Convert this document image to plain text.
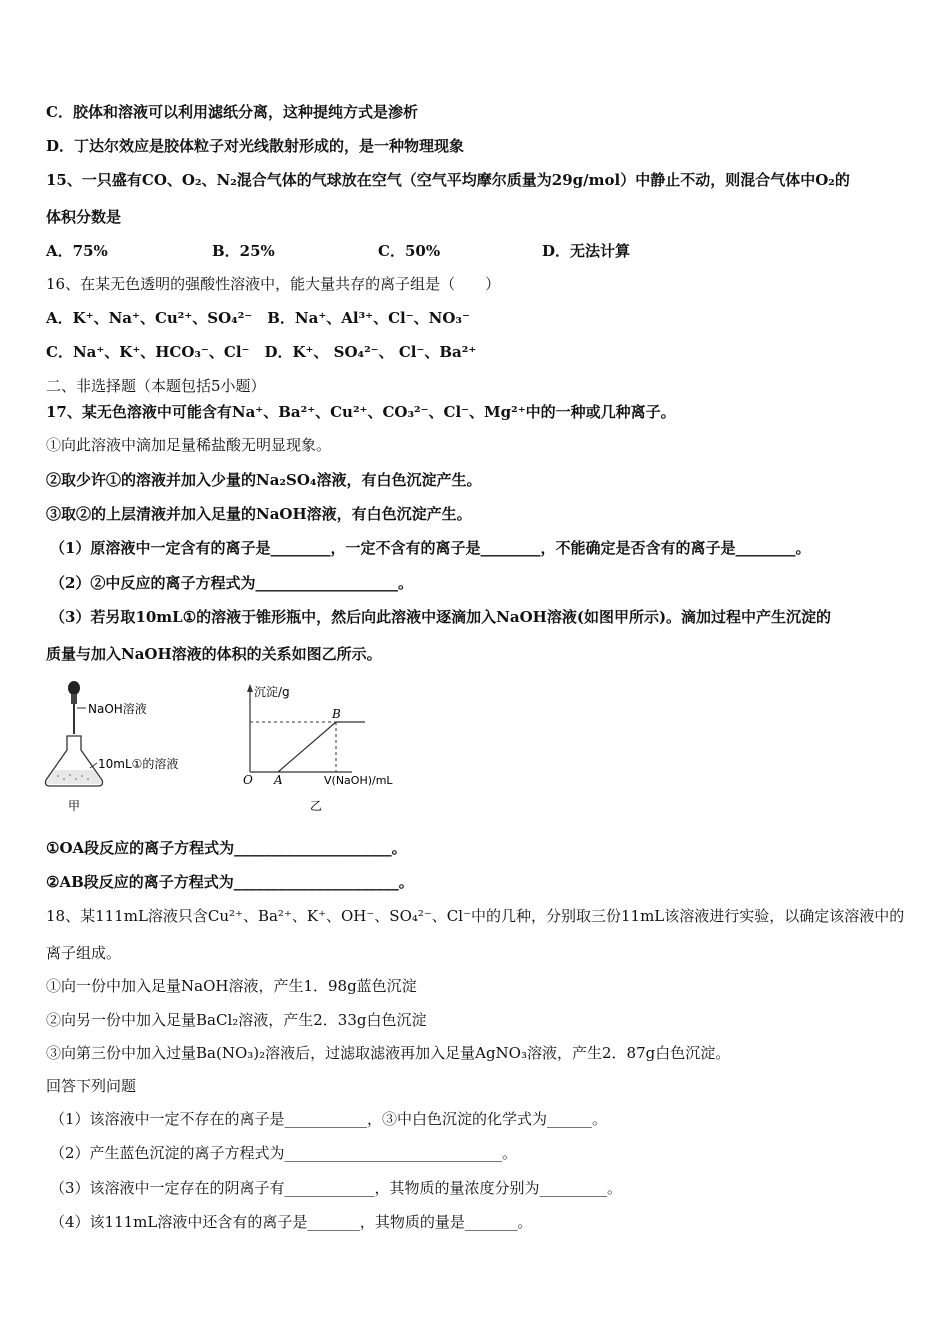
C．胶体和溶液可以利用滤纸分离，这种提纯方式是渗析
D．丁达尔效应是胶体粒子对光线散射形成的，是一种物理现象
15、一只盛有CO、O₂、N₂混合气体的气球放在空气（空气平均摩尔质量为29g/mol）中静止不动，则混合气体中O₂的
体积分数是
A．75%	B．25%	C．50%	D．无法计算
16、在某无色透明的强酸性溶液中，能大量共存的离子组是（　　）
A．K⁺、Na⁺、Cu²⁺、SO₄²⁻　B．Na⁺、Al³⁺、Cl⁻、NO₃⁻
C．Na⁺、K⁺、HCO₃⁻、Cl⁻　D．K⁺、 SO₄²⁻、 Cl⁻、Ba²⁺
二、非选择题（本题包括5小题）
17、某无色溶液中可能含有Na⁺、Ba²⁺、Cu²⁺、CO₃²⁻、Cl⁻、Mg²⁺中的一种或几种离子。
①向此溶液中滴加足量稀盐酸无明显现象。
②取少许①的溶液并加入少量的Na₂SO₄溶液，有白色沉淀产生。
③取②的上层清液并加入足量的NaOH溶液，有白色沉淀产生。
（1）原溶液中一定含有的离子是________，一定不含有的离子是________，不能确定是否含有的离子是________。
（2）②中反应的离子方程式为___________________。
（3）若另取10mL①的溶液于锥形瓶中，然后向此溶液中逐滴加入NaOH溶液(如图甲所示)。滴加过程中产生沉淀的
质量与加入NaOH溶液的体积的关系如图乙所示。
NaOH溶液
10mL①的溶液
甲
沉淀/g
B
O A	V(NaOH)/mL
乙
①OA段反应的离子方程式为_____________________。
②AB段反应的离子方程式为______________________。
18、某111mL溶液只含Cu²⁺、Ba²⁺、K⁺、OH⁻、SO₄²⁻、Cl⁻中的几种，分别取三份11mL该溶液进行实验，以确定该溶液中的
离子组成。
①向一份中加入足量NaOH溶液，产生1．98g蓝色沉淀
②向另一份中加入足量BaCl₂溶液，产生2．33g白色沉淀
③向第三份中加入过量Ba(NO₃)₂溶液后，过滤取滤液再加入足量AgNO₃溶液，产生2．87g白色沉淀。
回答下列问题
（1）该溶液中一定不存在的离子是___________，③中白色沉淀的化学式为______。
（2）产生蓝色沉淀的离子方程式为_____________________________。
（3）该溶液中一定存在的阴离子有____________，其物质的量浓度分别为_________。
（4）该111mL溶液中还含有的离子是_______，其物质的量是_______。
